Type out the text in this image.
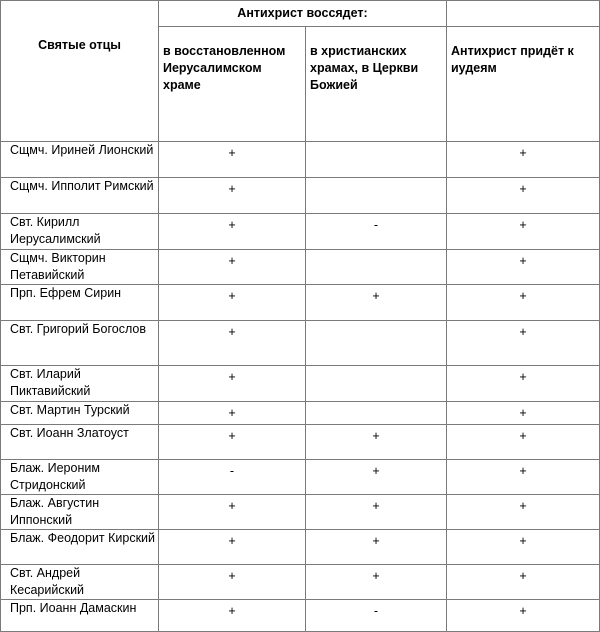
Святые отцы	Антихрист воссядет:		
	в восстановленном Иерусалимском храме	в христианских храмах, в Церкви Божией	Антихрист придёт к иудеям
Сщмч. Ириней Лионский	+		+
Сщмч. Ипполит Римский	+		+
Свт. Кирилл Иерусалимский	+	-	+
Сщмч. Викторин Петавийский	+		+
Прп. Ефрем Сирин	+	+	+
Свт. Григорий Богослов	+		+
Свт. Иларий Пиктавийский	+		+
Свт. Мартин Турский	+		+
Свт. Иоанн Златоуст	+	+	+
Блаж. Иероним Стридонский	-	+	+
Блаж. Августин Иппонский	+	+	+
Блаж. Феодорит Кирский	+	+	+
Свт. Андрей Кесарийский	+	+	+
Прп. Иоанн Дамаскин	+	-	+
